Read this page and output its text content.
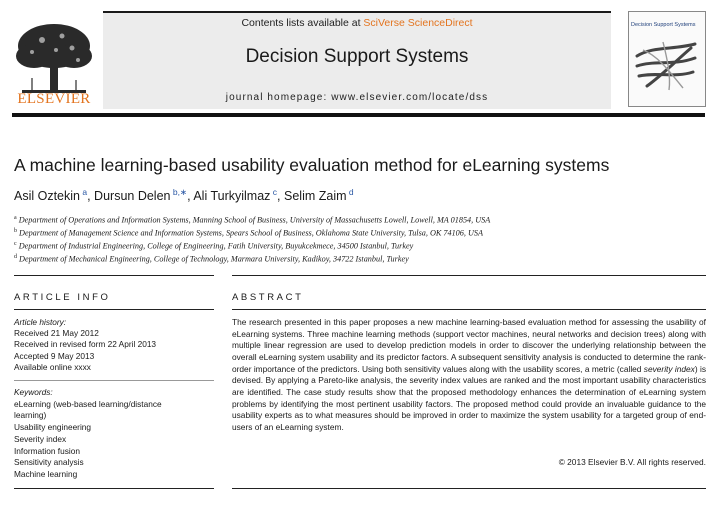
ELSEVIER
Contents lists available at SciVerse ScienceDirect
Decision Support Systems
journal homepage: www.elsevier.com/locate/dss
Decision Support Systems
A machine learning-based usability evaluation method for eLearning systems
Asil Oztekin $^a$, Dursun Delen $^{b,∗}$, Ali Turkyilmaz $^c$, Selim Zaim $^d$
$^a$ Department of Operations and Information Systems, Manning School of Business, University of Massachusetts Lowell, Lowell, MA 01854, USA
$^b$ Department of Management Science and Information Systems, Spears School of Business, Oklahoma State University, Tulsa, OK 74106, USA
$^c$ Department of Industrial Engineering, College of Engineering, Fatih University, Buyukcekmece, 34500 Istanbul, Turkey
$^d$ Department of Mechanical Engineering, College of Technology, Marmara University, Kadikoy, 34722 Istanbul, Turkey
ARTICLE INFO
Article history:
Received 21 May 2012
Received in revised form 22 April 2013
Accepted 9 May 2013
Available online xxxx
Keywords:
eLearning (web-based learning/distance
learning)
Usability engineering
Severity index
Information fusion
Sensitivity analysis
Machine learning
ABSTRACT
The research presented in this paper proposes a new machine learning-based evaluation method for assessing the usability of eLearning systems. Three machine learning methods (support vector machines, neural networks and decision trees) along with multiple linear regression are used to develop prediction models in order to discover the underlying relationship between the overall eLearning system usability and its predictor factors. A subsequent sensitivity analysis is conducted to determine the rank-order importance of the predictors. Using both sensitivity values along with the usability scores, a metric (called severity index) is devised. By applying a Pareto-like analysis, the severity index values are ranked and the most important usability characteristics are identified. The case study results show that the proposed methodology enhances the determination of eLearning system problems by identifying the most pertinent usability factors. The proposed method could provide an invaluable guidance to the usability experts as to what measures should be improved in order to maximize the system usability for a targeted group of end-users of an eLearning system.
© 2013 Elsevier B.V. All rights reserved.
